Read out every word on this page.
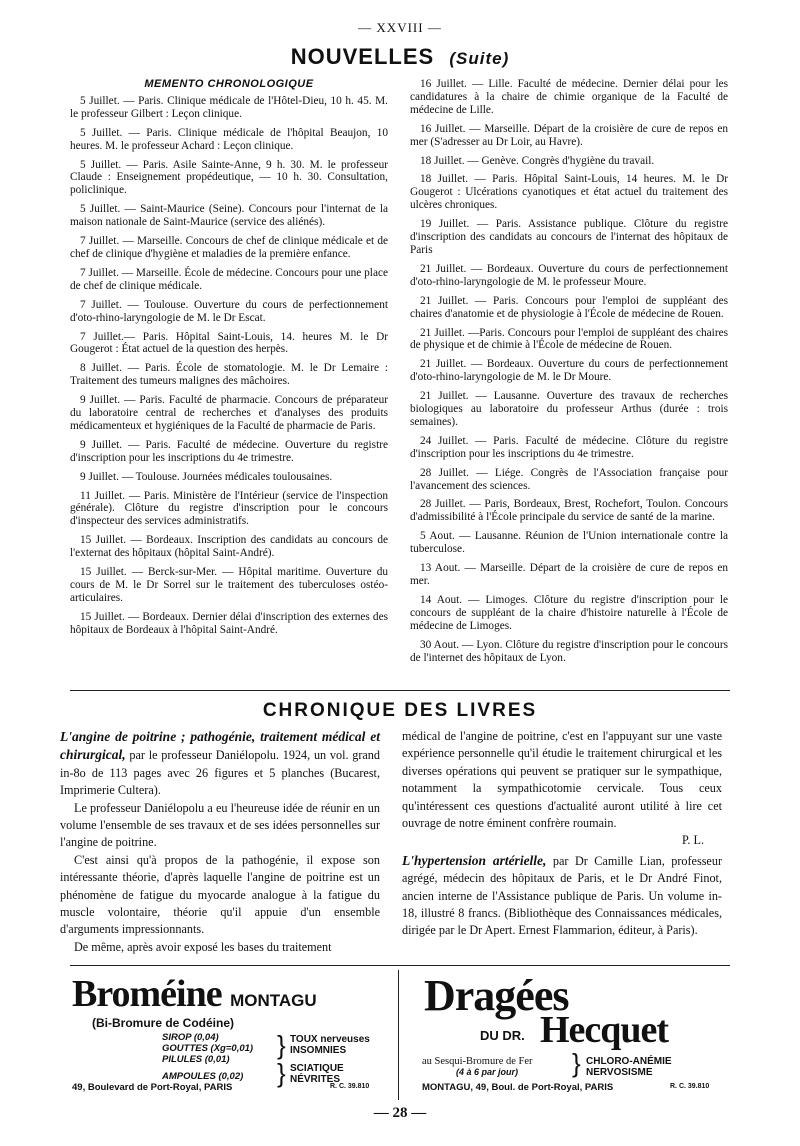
— XXVIII —
NOUVELLES (Suite)
MEMENTO CHRONOLOGIQUE

5 Juillet. — Paris. Clinique médicale de l'Hôtel-Dieu, 10 h. 45. M. le professeur Gilbert : Leçon clinique.

5 Juillet. — Paris. Clinique médicale de l'hôpital Beaujon, 10 heures. M. le professeur Achard : Leçon clinique.

5 Juillet. — Paris. Asile Sainte-Anne, 9 h. 30. M. le professeur Claude : Enseignement propédeutique, — 10 h. 30. Consultation, policlinique.

5 Juillet. — Saint-Maurice (Seine). Concours pour l'internat de la maison nationale de Saint-Maurice (service des aliénés).

7 Juillet. — Marseille. Concours de chef de clinique médicale et de chef de clinique d'hygiène et maladies de la première enfance.

7 Juillet. — Marseille. École de médecine. Concours pour une place de chef de clinique médicale.

7 Juillet. — Toulouse. Ouverture du cours de perfectionnement d'oto-rhino-laryngologie de M. le Dr Escat.

7 Juillet.— Paris. Hôpital Saint-Louis, 14. heures M. le Dr Gougerot : État actuel de la question des herpès.

8 Juillet. — Paris. École de stomatologie. M. le Dr Lemaire : Traitement des tumeurs malignes des mâchoires.

9 Juillet. — Paris. Faculté de pharmacie. Concours de préparateur du laboratoire central de recherches et d'analyses des produits médicamenteux et hygiéniques de la Faculté de pharmacie de Paris.

9 Juillet. — Paris. Faculté de médecine. Ouverture du registre d'inscription pour les inscriptions du 4e trimestre.

9 Juillet. — Toulouse. Journées médicales toulousaines.

11 Juillet. — Paris. Ministère de l'Intérieur (service de l'inspection générale). Clôture du registre d'inscription pour le concours d'inspecteur des services administratifs.

15 Juillet. — Bordeaux. Inscription des candidats au concours de l'externat des hôpitaux (hôpital Saint-André).

15 Juillet. — Berck-sur-Mer. — Hôpital maritime. Ouverture du cours de M. le Dr Sorrel sur le traitement des tuberculoses ostéo-articulaires.

15 Juillet. — Bordeaux. Dernier délai d'inscription des externes des hôpitaux de Bordeaux à l'hôpital Saint-André.

16 Juillet. — Lille. Faculté de médecine. Dernier délai pour les candidatures à la chaire de chimie organique de la Faculté de médecine de Lille.

16 Juillet. — Marseille. Départ de la croisière de cure de repos en mer (S'adresser au Dr Loir, au Havre).

18 Juillet. — Genève. Congrès d'hygiène du travail.

18 Juillet. — Paris. Hôpital Saint-Louis, 14 heures. M. le Dr Gougerot : Ulcérations cyanotiques et état actuel du traitement des ulcères chroniques.

19 Juillet. — Paris. Assistance publique. Clôture du registre d'inscription des candidats au concours de l'internat des hôpitaux de Paris

21 Juillet. — Bordeaux. Ouverture du cours de perfectionnement d'oto-rhino-laryngologie de M. le professeur Moure.

21 Juillet. — Paris. Concours pour l'emploi de suppléant des chaires d'anatomie et de physiologie à l'École de médecine de Rouen.

21 Juillet. —Paris. Concours pour l'emploi de suppléant des chaires de physique et de chimie à l'École de médecine de Rouen.

21 Juillet. — Bordeaux. Ouverture du cours de perfectionnement d'oto-rhino-laryngologie de M. le Dr Moure.

21 Juillet. — Lausanne. Ouverture des travaux de recherches biologiques au laboratoire du professeur Arthus (durée : trois semaines).

24 Juillet. — Paris. Faculté de médecine. Clôture du registre d'inscription pour les inscriptions du 4e trimestre.

28 Juillet. — Liége. Congrès de l'Association française pour l'avancement des sciences.

28 Juillet. — Paris, Bordeaux, Brest, Rochefort, Toulon. Concours d'admissibilité à l'École principale du service de santé de la marine.

5 Aout. — Lausanne. Réunion de l'Union internationale contre la tuberculose.

13 Aout. — Marseille. Départ de la croisière de cure de repos en mer.

14 Aout. — Limoges. Clôture du registre d'inscription pour le concours de suppléant de la chaire d'histoire naturelle à l'École de médecine de Limoges.

30 Aout. — Lyon. Clôture du registre d'inscription pour le concours de l'internet des hôpitaux de Lyon.

CHRONIQUE DES LIVRES

L'angine de poitrine ; pathogénie, traitement médical et chirurgical, par le professeur Daniélopolu. 1924, un vol. grand in-8o de 113 pages avec 26 figures et 5 planches (Bucarest, Imprimerie Cultera).

Le professeur Daniélopolu a eu l'heureuse idée de réunir en un volume l'ensemble de ses travaux et de ses idées personnelles sur l'angine de poitrine.

C'est ainsi qu'à propos de la pathogénie, il expose son intéressante théorie, d'après laquelle l'angine de poitrine est un phénomène de fatigue du myocarde analogue à la fatigue du muscle volontaire, théorie qu'il appuie d'un ensemble d'arguments impressionnants.

De même, après avoir exposé les bases du traitement

médical de l'angine de poitrine, c'est en l'appuyant sur une vaste expérience personnelle qu'il étudie le traitement chirurgical et les diverses opérations qui peuvent se pratiquer sur le sympathique, notamment la sympathicotomie cervicale. Tous ceux qu'intéressent ces questions d'actualité auront utilité à lire cet ouvrage de notre éminent confrère roumain.

P. L.

L'hypertension artérielle, par Dr Camille Lian, professeur agrégé, médecin des hôpitaux de Paris, et le Dr André Finot, ancien interne de l'Assistance publique de Paris. Un volume in-18, illustré 8 francs. (Bibliothèque des Connaissances médicales, dirigée par le Dr Apert. Ernest Flammarion, éditeur, à Paris).

Broméine MONTAGU
(Bi-Bromure de Codéine)
SIROP (0,04)
GOUTTES (Xg=0,01)
PILULES (0,01)
AMPOULES (0,02)
} TOUX nerveuses
INSOMNIES
} SCIATIQUE
NÉVRITES
49, Boulevard de Port-Royal, PARIS	R. C. 39.810
Dragées
DU DR. Hecquet
au Sesqui-Bromure de Fer
(4 à 6 par jour) } CHLORO-ANÉMIE
NERVOSISME
MONTAGU, 49, Boul. de Port-Royal, PARIS	R. C. 39.810
— 28 —
